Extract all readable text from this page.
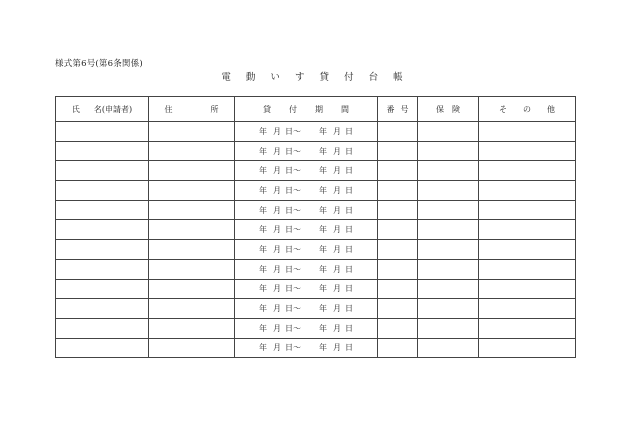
様式第6号(第6条関係)
電 動 い す 貸 付 台 帳
氏 名(申請者)	住 所	貸 付 期 間	番 号	保 険	そ の 他
		年 月 日〜 年 月 日			
		年 月 日〜 年 月 日			
		年 月 日〜 年 月 日			
		年 月 日〜 年 月 日			
		年 月 日〜 年 月 日			
		年 月 日〜 年 月 日			
		年 月 日〜 年 月 日			
		年 月 日〜 年 月 日			
		年 月 日〜 年 月 日			
		年 月 日〜 年 月 日			
		年 月 日〜 年 月 日			
		年 月 日〜 年 月 日			
